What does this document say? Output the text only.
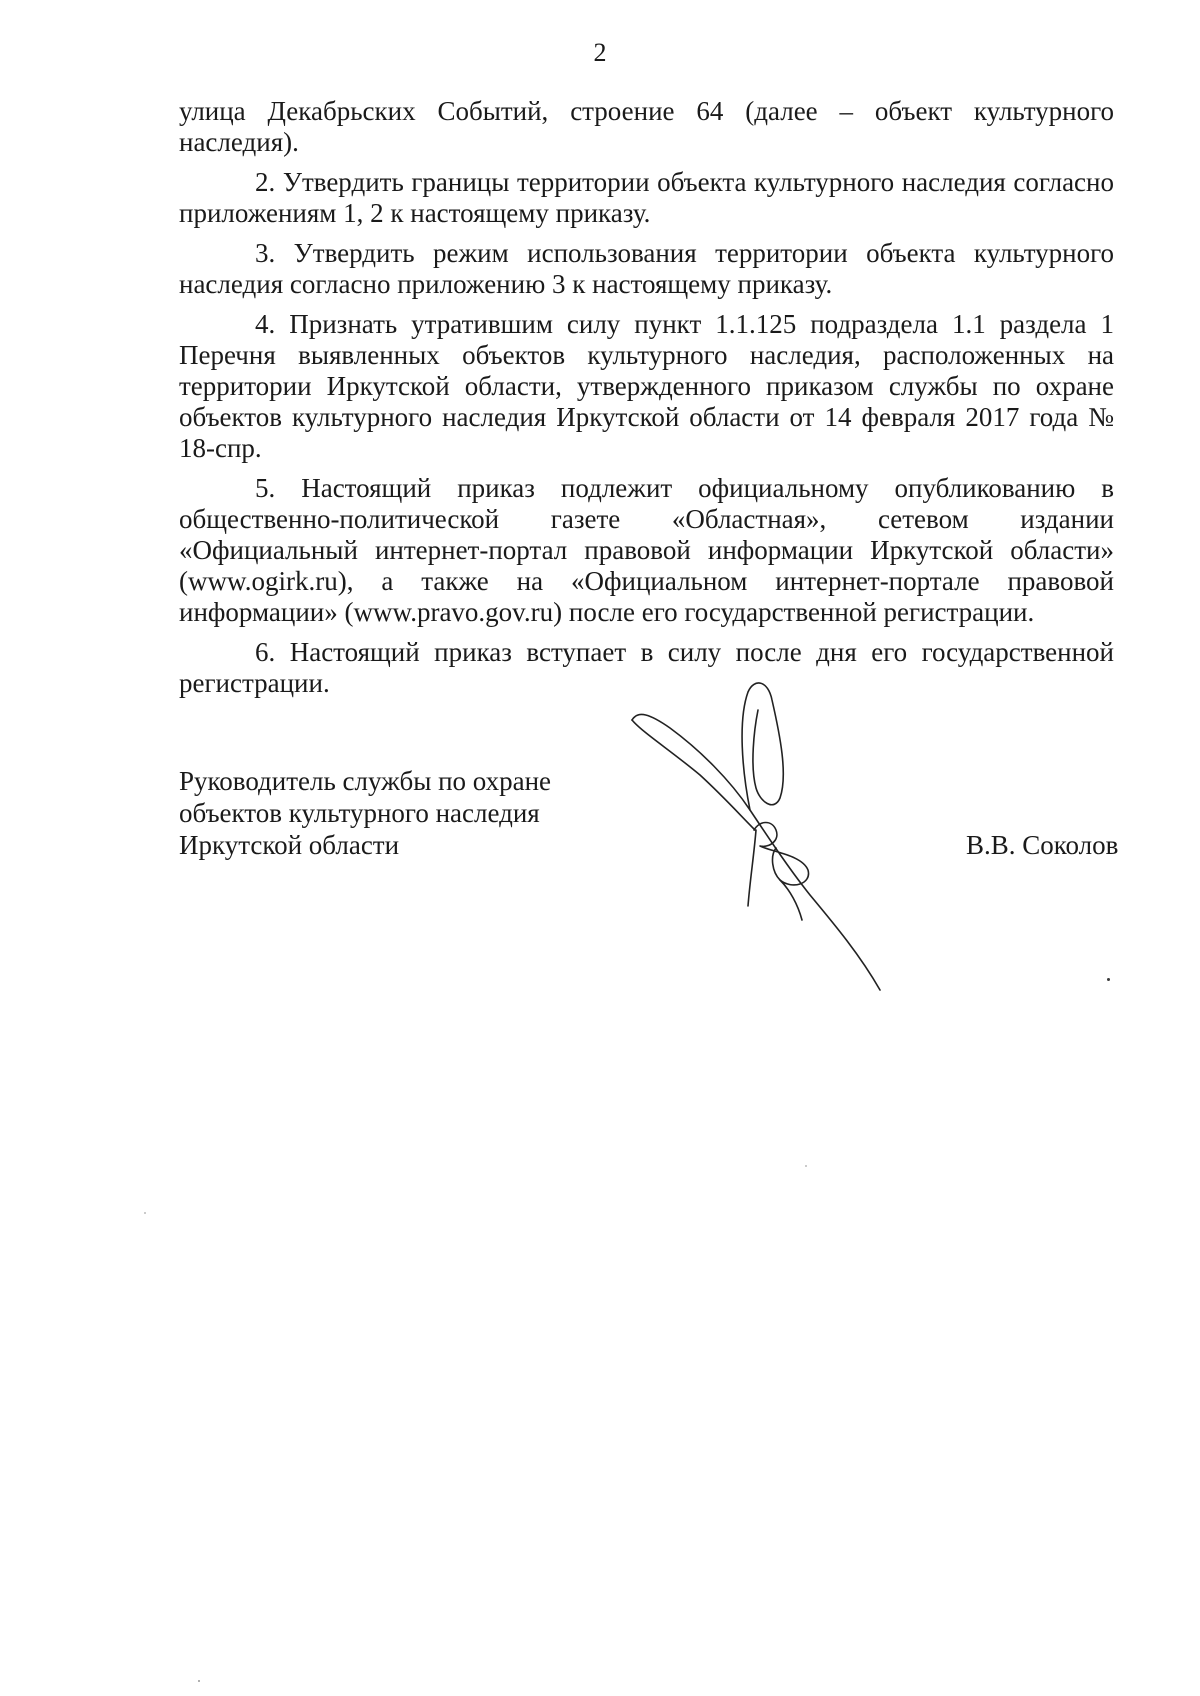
2

улица Декабрьских Событий, строение 64 (далее – объект культурного наследия).

2. Утвердить границы территории объекта культурного наследия согласно приложениям 1, 2 к настоящему приказу.

3. Утвердить режим использования территории объекта культурного наследия согласно приложению 3 к настоящему приказу.

4. Признать утратившим силу пункт 1.1.125 подраздела 1.1 раздела 1 Перечня выявленных объектов культурного наследия, расположенных на территории Иркутской области, утвержденного приказом службы по охране объектов культурного наследия Иркутской области от 14 февраля 2017 года № 18-спр.

5. Настоящий приказ подлежит официальному опубликованию в общественно-политической газете «Областная», сетевом издании «Официальный интернет-портал правовой информации Иркутской области» (www.ogirk.ru), а также на «Официальном интернет-портале правовой информации» (www.pravo.gov.ru) после его государственной регистрации.

6. Настоящий приказ вступает в силу после дня его государственной регистрации.

Руководитель службы по охране
объектов культурного наследия
Иркутской области	В.В. Соколов
